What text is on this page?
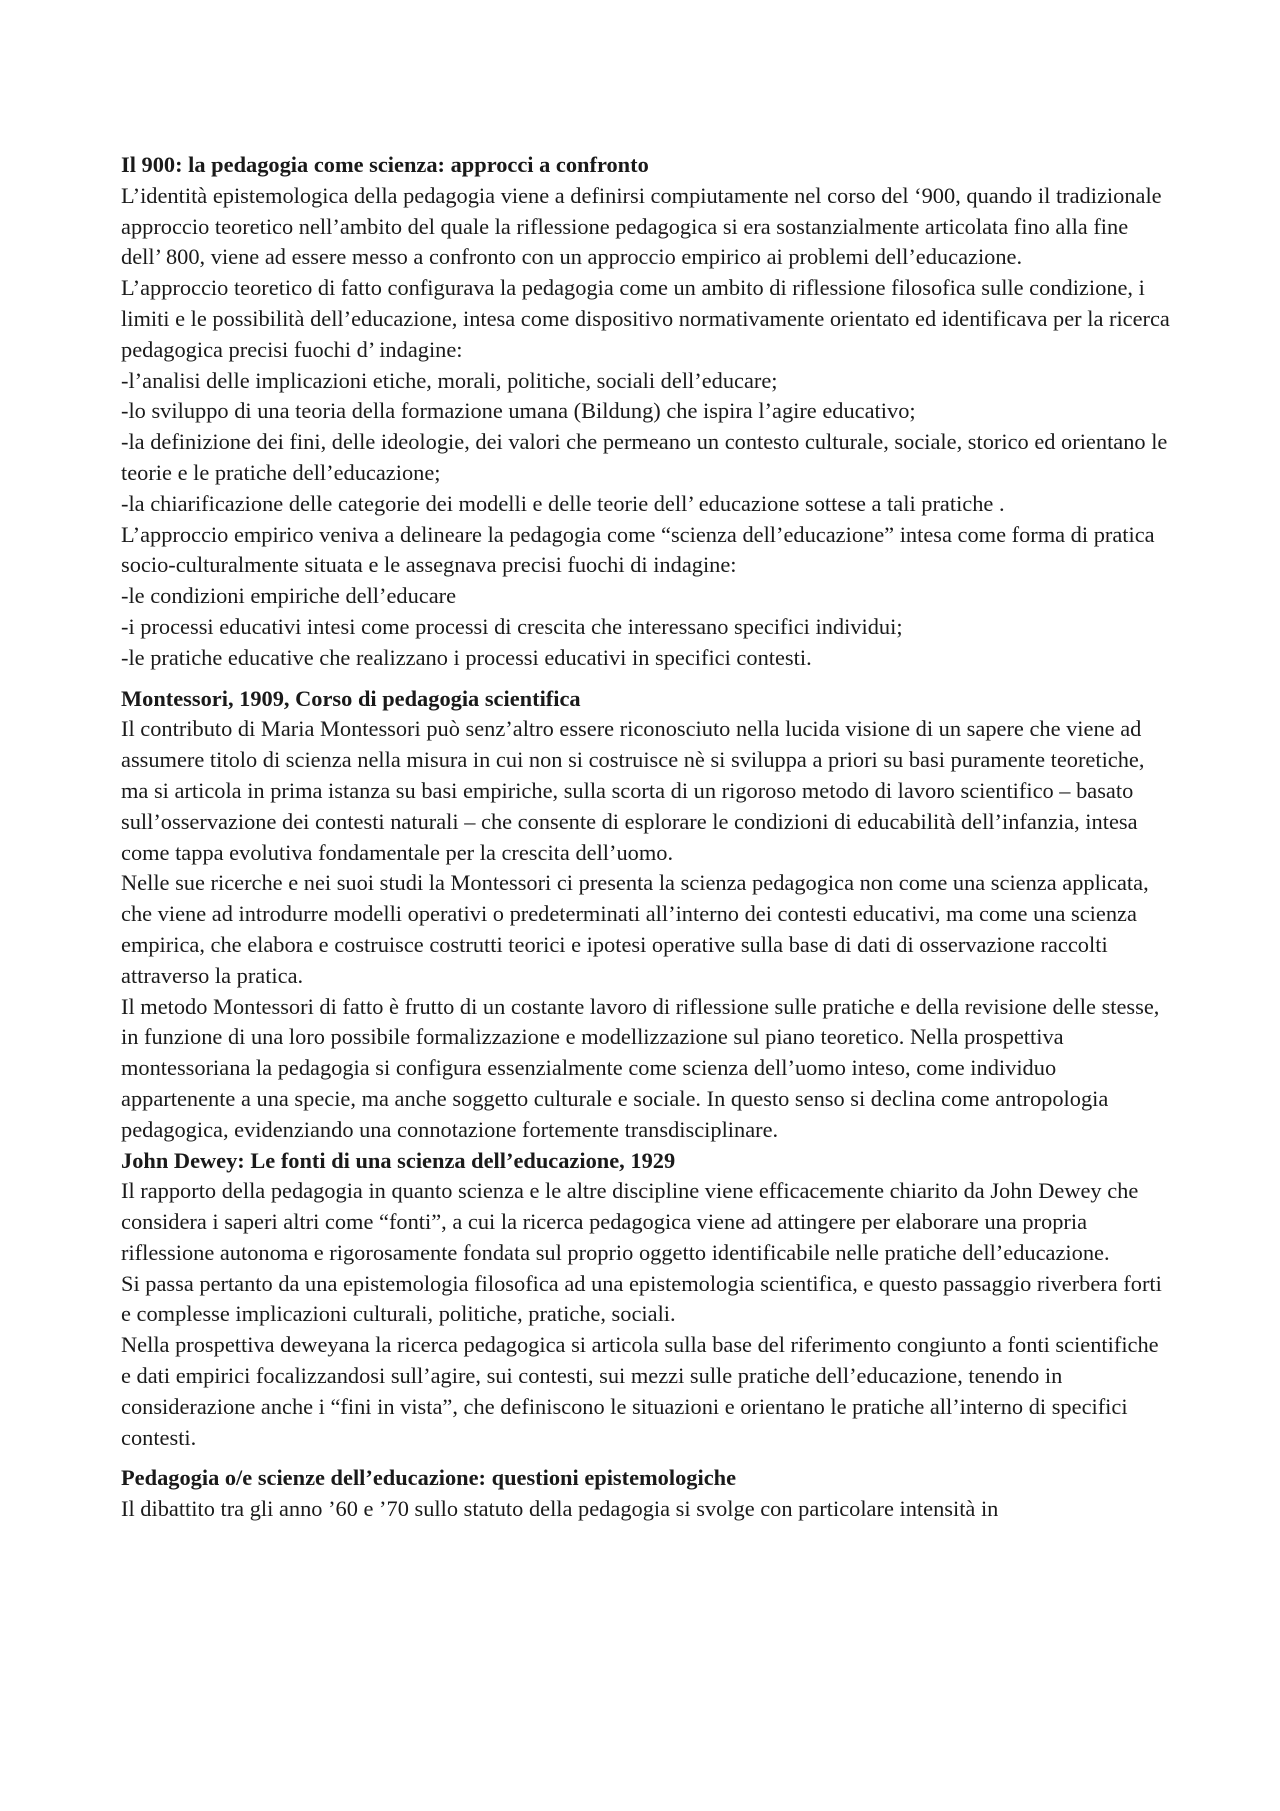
Il 900: la pedagogia come scienza: approcci a confronto

L’identità epistemologica della pedagogia viene a definirsi compiutamente nel corso del ‘900, quando il tradizionale approccio teoretico nell’ambito del quale la riflessione pedagogica si era sostanzialmente articolata fino alla fine dell’ 800, viene ad essere messo a confronto con un approccio empirico ai problemi dell’educazione.

L’approccio teoretico di fatto configurava la pedagogia come un ambito di riflessione filosofica sulle condizione, i limiti e le possibilità dell’educazione, intesa come dispositivo normativamente orientato ed identificava per la ricerca pedagogica precisi fuochi d’ indagine:

-l’analisi delle implicazioni etiche, morali, politiche, sociali dell’educare;

-lo sviluppo di una teoria della formazione umana (Bildung) che ispira l’agire educativo;

-la definizione dei fini, delle ideologie, dei valori che permeano un contesto culturale, sociale, storico ed orientano le teorie e le pratiche dell’educazione;

-la chiarificazione delle categorie dei modelli e delle teorie dell’ educazione sottese a tali pratiche .

L’approccio empirico veniva a delineare la pedagogia come “scienza dell’educazione” intesa come forma di pratica socio-culturalmente situata e le assegnava precisi fuochi di indagine:

-le condizioni empiriche dell’educare

-i processi educativi intesi come processi di crescita che interessano specifici individui;

-le pratiche educative che realizzano i processi educativi in specifici contesti.

Montessori, 1909, Corso di pedagogia scientifica

Il contributo di Maria Montessori può senz’altro essere riconosciuto nella lucida visione di un sapere che viene ad assumere titolo di scienza nella misura in cui non si costruisce nè si sviluppa a priori su basi puramente teoretiche, ma si articola in prima istanza su basi empiriche, sulla scorta di un rigoroso metodo di lavoro scientifico – basato sull’osservazione dei contesti naturali – che consente di esplorare le condizioni di educabilità dell’infanzia, intesa come tappa evolutiva fondamentale per la crescita dell’uomo.

Nelle sue ricerche e nei suoi studi la Montessori ci presenta la scienza pedagogica non come una scienza applicata, che viene ad introdurre modelli operativi o predeterminati all’interno dei contesti educativi, ma come una scienza empirica, che elabora e costruisce costrutti teorici e ipotesi operative sulla base di dati di osservazione raccolti attraverso la pratica.

Il metodo Montessori di fatto è frutto di un costante lavoro di riflessione sulle pratiche e della revisione delle stesse, in funzione di una loro possibile formalizzazione e modellizzazione sul piano teoretico. Nella prospettiva montessoriana la pedagogia si configura essenzialmente come scienza dell’uomo inteso, come individuo appartenente a una specie, ma anche soggetto culturale e sociale. In questo senso si declina come antropologia pedagogica, evidenziando una connotazione fortemente transdisciplinare.

John Dewey: Le fonti di una scienza dell’educazione, 1929

Il rapporto della pedagogia in quanto scienza e le altre discipline viene efficacemente chiarito da John Dewey che considera i saperi altri come “fonti”, a cui la ricerca pedagogica viene ad attingere per elaborare una propria riflessione autonoma e rigorosamente fondata sul proprio oggetto identificabile nelle pratiche dell’educazione.

Si passa pertanto da una epistemologia filosofica ad una epistemologia scientifica, e questo passaggio riverbera forti e complesse implicazioni culturali, politiche, pratiche, sociali.

Nella prospettiva deweyana la ricerca pedagogica si articola sulla base del riferimento congiunto a fonti scientifiche e dati empirici focalizzandosi sull’agire, sui contesti, sui mezzi sulle pratiche dell’educazione, tenendo in considerazione anche i “fini in vista”, che definiscono le situazioni e orientano le pratiche all’interno di specifici contesti.

Pedagogia o/e scienze dell’educazione: questioni epistemologiche

Il dibattito tra gli anno ’60 e ’70 sullo statuto della pedagogia si svolge con particolare intensità in
